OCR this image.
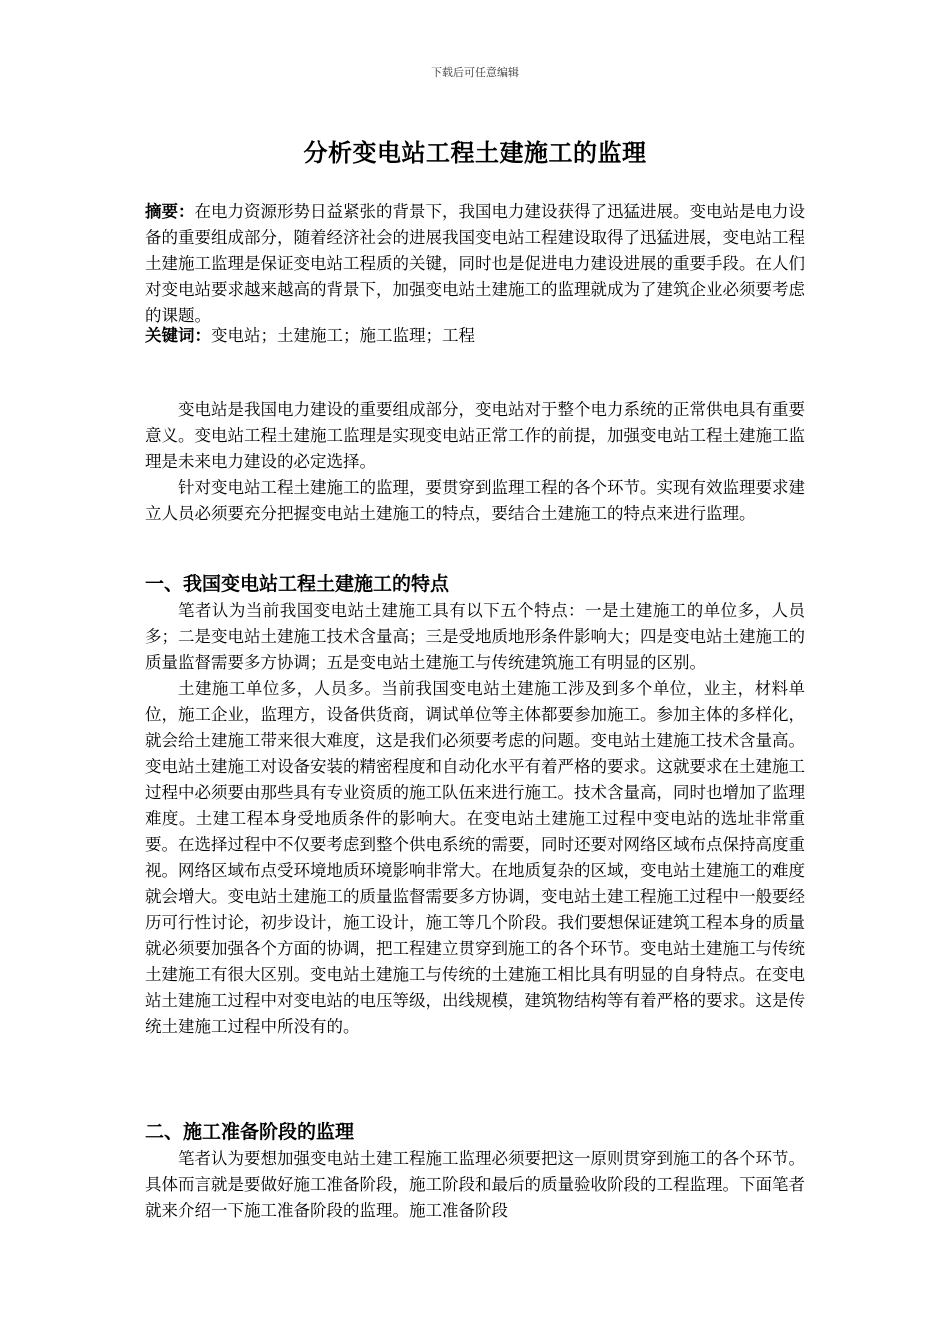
下载后可任意编辑
分析变电站工程土建施工的监理
摘要：在电力资源形势日益紧张的背景下，我国电力建设获得了迅猛进展。变电站是电力设备的重要组成部分，随着经济社会的进展我国变电站工程建设取得了迅猛进展，变电站工程土建施工监理是保证变电站工程质的关键，同时也是促进电力建设进展的重要手段。在人们对变电站要求越来越高的背景下，加强变电站土建施工的监理就成为了建筑企业必须要考虑的课题。
关键词：变电站；土建施工；施工监理；工程

变电站是我国电力建设的重要组成部分，变电站对于整个电力系统的正常供电具有重要意义。变电站工程土建施工监理是实现变电站正常工作的前提，加强变电站工程土建施工监理是未来电力建设的必定选择。

针对变电站工程土建施工的监理，要贯穿到监理工程的各个环节。实现有效监理要求建立人员必须要充分把握变电站土建施工的特点，要结合土建施工的特点来进行监理。

一、我国变电站工程土建施工的特点

笔者认为当前我国变电站土建施工具有以下五个特点：一是土建施工的单位多，人员多；二是变电站土建施工技术含量高；三是受地质地形条件影响大；四是变电站土建施工的质量监督需要多方协调；五是变电站土建施工与传统建筑施工有明显的区别。

土建施工单位多，人员多。当前我国变电站土建施工涉及到多个单位，业主，材料单位，施工企业，监理方，设备供货商，调试单位等主体都要参加施工。参加主体的多样化，就会给土建施工带来很大难度，这是我们必须要考虑的问题。变电站土建施工技术含量高。变电站土建施工对设备安装的精密程度和自动化水平有着严格的要求。这就要求在土建施工过程中必须要由那些具有专业资质的施工队伍来进行施工。技术含量高，同时也增加了监理难度。土建工程本身受地质条件的影响大。在变电站土建施工过程中变电站的选址非常重要。在选择过程中不仅要考虑到整个供电系统的需要，同时还要对网络区域布点保持高度重视。网络区域布点受环境地质环境影响非常大。在地质复杂的区域，变电站土建施工的难度就会增大。变电站土建施工的质量监督需要多方协调，变电站土建工程施工过程中一般要经历可行性讨论，初步设计，施工设计，施工等几个阶段。我们要想保证建筑工程本身的质量就必须要加强各个方面的协调，把工程建立贯穿到施工的各个环节。变电站土建施工与传统土建施工有很大区别。变电站土建施工与传统的土建施工相比具有明显的自身特点。在变电站土建施工过程中对变电站的电压等级，出线规模，建筑物结构等有着严格的要求。这是传统土建施工过程中所没有的。

二、施工准备阶段的监理

笔者认为要想加强变电站土建工程施工监理必须要把这一原则贯穿到施工的各个环节。具体而言就是要做好施工准备阶段，施工阶段和最后的质量验收阶段的工程监理。下面笔者就来介绍一下施工准备阶段的监理。施工准备阶段
